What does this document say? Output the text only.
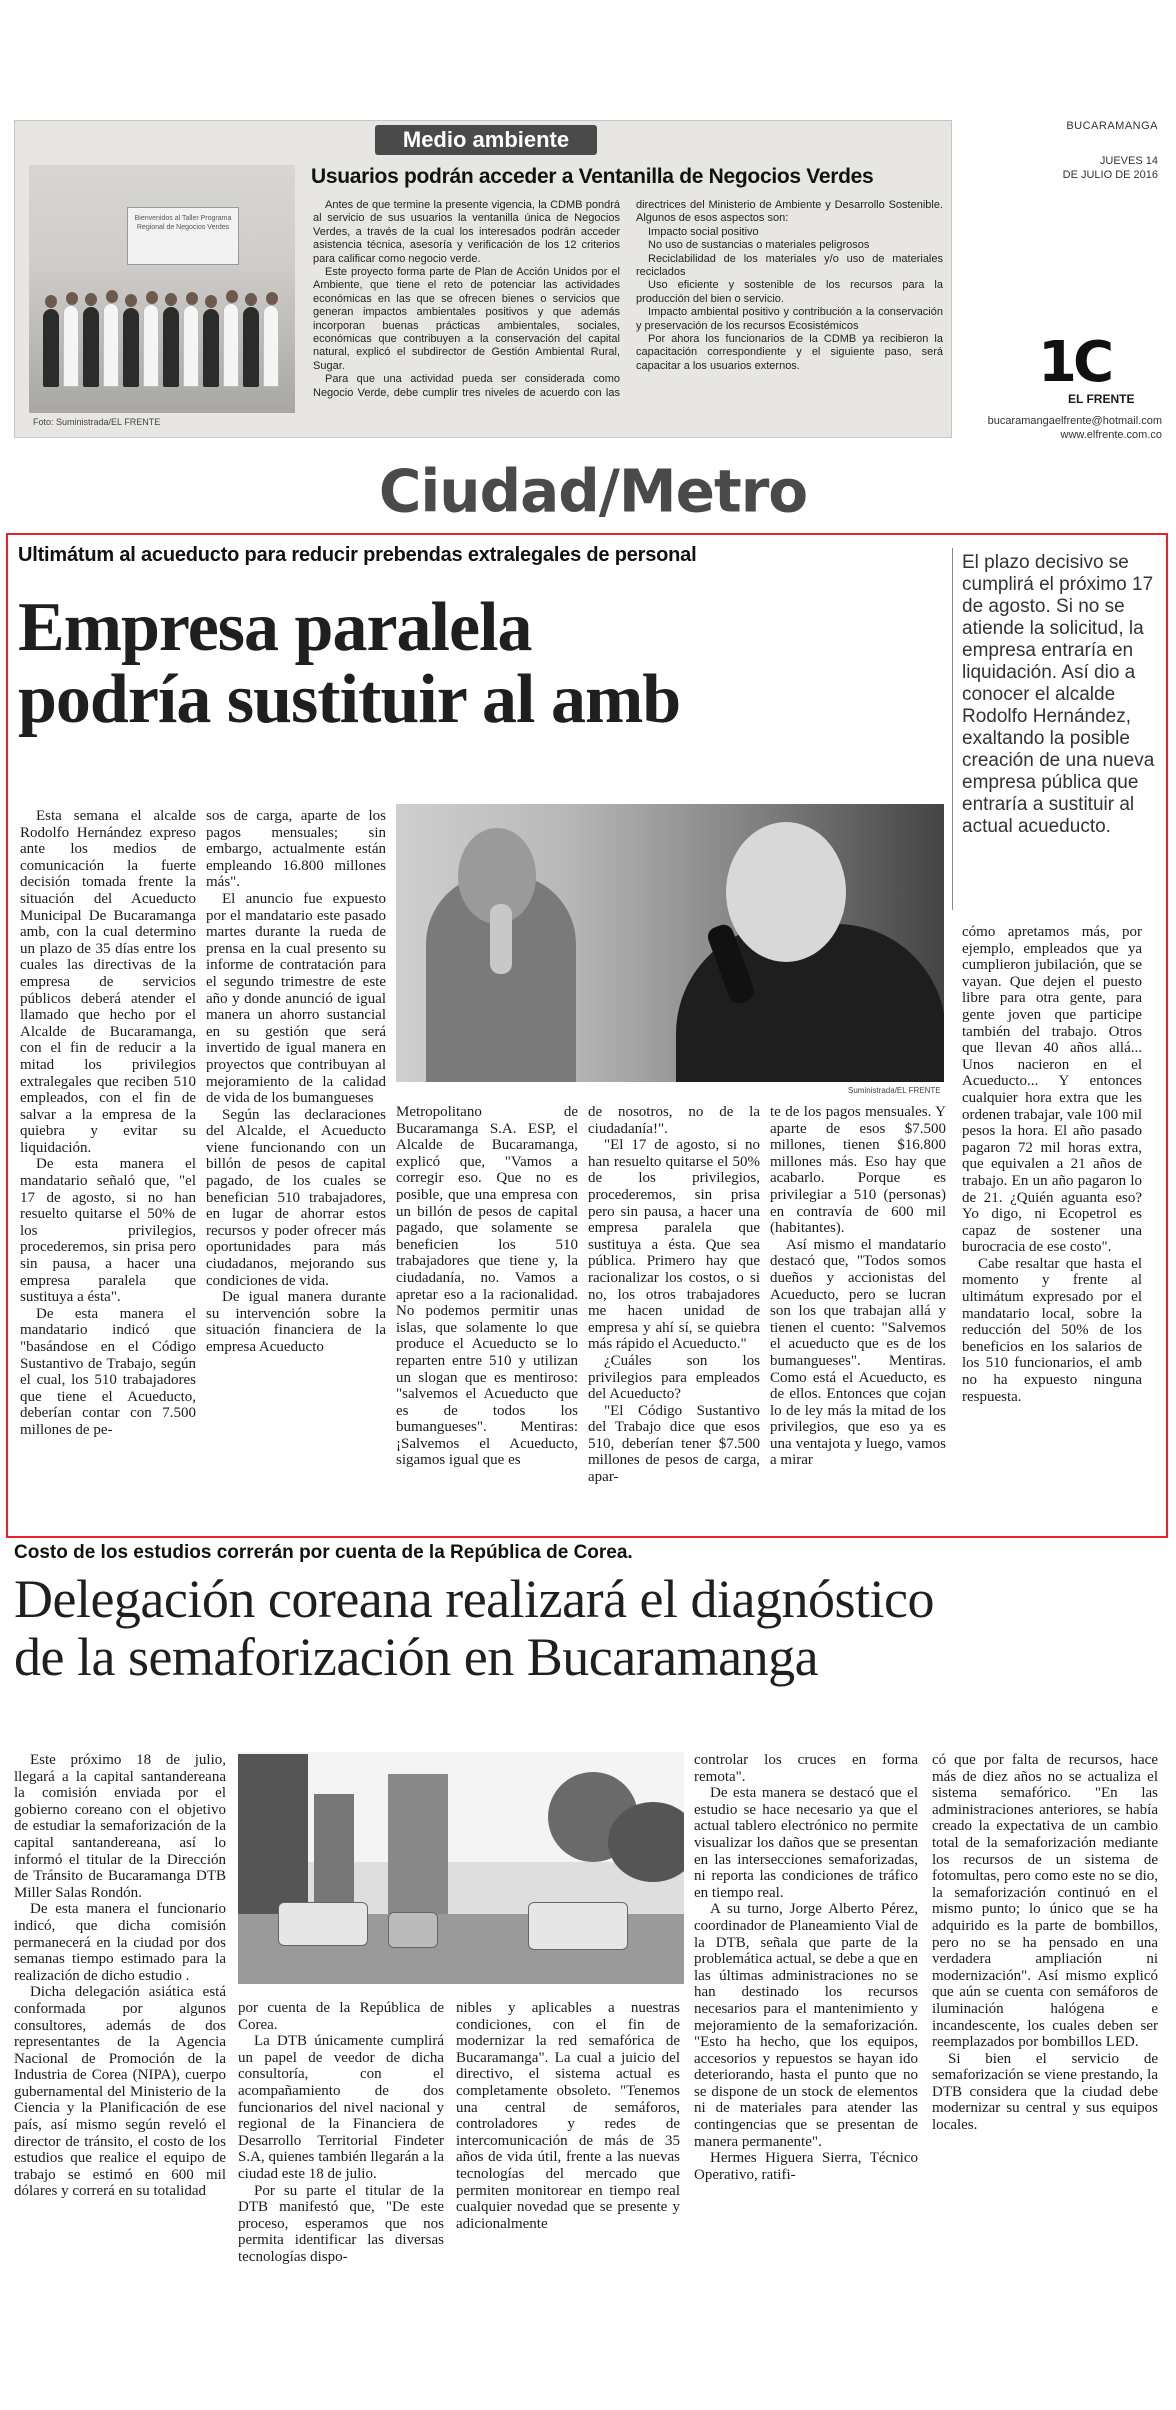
Bienvenidos al Taller Programa Regional de Negocios Verdes
Foto: Suministrada/EL FRENTE
Medio ambiente
Usuarios podrán acceder a Ventanilla de Negocios Verdes

Antes de que termine la presente vigencia, la CDMB pondrá al servicio de sus usuarios la ventanilla única de Negocios Verdes, a través de la cual los interesados podrán acceder asistencia técnica, asesoría y verificación de los 12 criterios para calificar como negocio verde.

Este proyecto forma parte de Plan de Acción Unidos por el Ambiente, que tiene el reto de potenciar las actividades económicas en las que se ofrecen bienes o servicios que generan impactos ambientales positivos y que además incorporan buenas prácticas ambientales, sociales, económicas que contribuyen a la conservación del capital natural, explicó el subdirector de Gestión Ambiental Rural, Sugar.

Para que una actividad pueda ser considerada como Negocio Verde, debe cumplir tres niveles de acuerdo con las directrices del Ministerio de Ambiente y Desarrollo Sostenible. Algunos de esos aspectos son:

Impacto social positivo

No uso de sustancias o materiales peligrosos

Reciclabilidad de los materiales y/o uso de materiales reciclados

Uso eficiente y sostenible de los recursos para la producción del bien o servicio.

Impacto ambiental positivo y contribución a la conservación y preservación de los recursos Ecosistémicos

Por ahora los funcionarios de la CDMB ya recibieron la capacitación correspondiente y el siguiente paso, será capacitar a los usuarios externos.

BUCARAMANGA
JUEVES 14
DE JULIO DE 2016
1C
EL FRENTE
bucaramangaelfrente@hotmail.com
www.elfrente.com.co
Ciudad/Metro
Ultimátum al acueducto para reducir prebendas extralegales de personal
Empresa paralela
podría sustituir al amb
El plazo decisivo se cumplirá el próximo 17 de agosto. Si no se atiende la solicitud, la empresa entraría en liquidación. Así dio a conocer el alcalde Rodolfo Hernández, exaltando la posible creación de una nueva empresa pública que entraría a sustituir al actual acueducto.

Esta semana el alcalde Rodolfo Hernández expreso ante los medios de comunicación la fuerte decisión tomada frente la situación del Acueducto Municipal De Bucaramanga amb, con la cual determino un plazo de 35 días entre los cuales las directivas de la empresa de servicios públicos deberá atender el llamado que hecho por el Alcalde de Bucaramanga, con el fin de reducir a la mitad los privilegios extralegales que reciben 510 empleados, con el fin de salvar a la empresa de la quiebra y evitar su liquidación.

De esta manera el mandatario señaló que, "el 17 de agosto, si no han resuelto quitarse el 50% de los privilegios, procederemos, sin prisa pero sin pausa, a hacer una empresa paralela que sustituya a ésta".

De esta manera el mandatario indicó que "basándose en el Código Sustantivo de Trabajo, según el cual, los 510 trabajadores que tiene el Acueducto, deberían contar con 7.500 millones de pe-

sos de carga, aparte de los pagos mensuales; sin embargo, actualmente están empleando 16.800 millones más".

El anuncio fue expuesto por el mandatario este pasado martes durante la rueda de prensa en la cual presento su informe de contratación para el segundo trimestre de este año y donde anunció de igual manera un ahorro sustancial en su gestión que será invertido de igual manera en proyectos que contribuyan al mejoramiento de la calidad de vida de los bumangueses

Según las declaraciones del Alcalde, el Acueducto viene funcionando con un billón de pesos de capital pagado, de los cuales se benefician 510 trabajadores, en lugar de ahorrar estos recursos y poder ofrecer más oportunidades para más ciudadanos, mejorando sus condiciones de vida.

De igual manera durante su intervención sobre la situación financiera de la empresa Acueducto

Suministrada/EL FRENTE

Metropolitano de Bucaramanga S.A. ESP, el Alcalde de Bucaramanga, explicó que, "Vamos a corregir eso. Que no es posible, que una empresa con un billón de pesos de capital pagado, que solamente se beneficien los 510 trabajadores que tiene y, la ciudadanía, no. Vamos a apretar eso a la racionalidad. No podemos permitir unas islas, que solamente lo que produce el Acueducto se lo reparten entre 510 y utilizan un slogan que es mentiroso: "salvemos el Acueducto que es de todos los bumangueses". Mentiras: ¡Salvemos el Acueducto, sigamos igual que es

de nosotros, no de la ciudadanía!".

"El 17 de agosto, si no han resuelto quitarse el 50% de los privilegios, procederemos, sin prisa pero sin pausa, a hacer una empresa paralela que sustituya a ésta. Que sea pública. Primero hay que racionalizar los costos, o si no, los otros trabajadores me hacen unidad de empresa y ahí sí, se quiebra más rápido el Acueducto."

¿Cuáles son los privilegios para empleados del Acueducto?

"El Código Sustantivo del Trabajo dice que esos 510, deberían tener $7.500 millones de pesos de carga, apar-

te de los pagos mensuales. Y aparte de esos $7.500 millones, tienen $16.800 millones más. Eso hay que acabarlo. Porque es privilegiar a 510 (personas) en contravía de 600 mil (habitantes).

Así mismo el mandatario destacó que, "Todos somos dueños y accionistas del Acueducto, pero se lucran son los que trabajan allá y tienen el cuento: "Salvemos el acueducto que es de los bumangueses". Mentiras. Como está el Acueducto, es de ellos. Entonces que cojan lo de ley más la mitad de los privilegios, que eso ya es una ventajota y luego, vamos a mirar

cómo apretamos más, por ejemplo, empleados que ya cumplieron jubilación, que se vayan. Que dejen el puesto libre para otra gente, para gente joven que participe también del trabajo. Otros que llevan 40 años allá... Unos nacieron en el Acueducto... Y entonces cualquier hora extra que les ordenen trabajar, vale 100 mil pesos la hora. El año pasado pagaron 72 mil horas extra, que equivalen a 21 años de trabajo. En un año pagaron lo de 21. ¿Quién aguanta eso? Yo digo, ni Ecopetrol es capaz de sostener una burocracia de ese costo".

Cabe resaltar que hasta el momento y frente al ultimátum expresado por el mandatario local, sobre la reducción del 50% de los beneficios en los salarios de los 510 funcionarios, el amb no ha expuesto ninguna respuesta.

Costo de los estudios correrán por cuenta de la República de Corea.
Delegación coreana realizará el diagnóstico
de la semaforización en Bucaramanga

Este próximo 18 de julio, llegará a la capital santandereana la comisión enviada por el gobierno coreano con el objetivo de estudiar la semaforización de la capital santandereana, así lo informó el titular de la Dirección de Tránsito de Bucaramanga DTB Miller Salas Rondón.

De esta manera el funcionario indicó, que dicha comisión permanecerá en la ciudad por dos semanas tiempo estimado para la realización de dicho estudio .

Dicha delegación asiática está conformada por algunos consultores, además de dos representantes de la Agencia Nacional de Promoción de la Industria de Corea (NIPA), cuerpo gubernamental del Ministerio de la Ciencia y la Planificación de ese país, así mismo según reveló el director de tránsito, el costo de los estudios que realice el equipo de trabajo se estimó en 600 mil dólares y correrá en su totalidad

por cuenta de la República de Corea.

La DTB únicamente cumplirá un papel de veedor de dicha consultoría, con el acompañamiento de dos funcionarios del nivel nacional y regional de la Financiera de Desarrollo Territorial Findeter S.A, quienes también llegarán a la ciudad este 18 de julio.

Por su parte el titular de la DTB manifestó que, "De este proceso, esperamos que nos permita identificar las diversas tecnologías dispo-

nibles y aplicables a nuestras condiciones, con el fin de modernizar la red semafórica de Bucaramanga". La cual a juicio del directivo, el sistema actual es completamente obsoleto. "Tenemos una central de semáforos, controladores y redes de intercomunicación de más de 35 años de vida útil, frente a las nuevas tecnologías del mercado que permiten monitorear en tiempo real cualquier novedad que se presente y adicionalmente

controlar los cruces en forma remota".

De esta manera se destacó que el estudio se hace necesario ya que el actual tablero electrónico no permite visualizar los daños que se presentan en las intersecciones semaforizadas, ni reporta las condiciones de tráfico en tiempo real.

A su turno, Jorge Alberto Pérez, coordinador de Planeamiento Vial de la DTB, señala que parte de la problemática actual, se debe a que en las últimas administraciones no se han destinado los recursos necesarios para el mantenimiento y mejoramiento de la semaforización. "Esto ha hecho, que los equipos, accesorios y repuestos se hayan ido deteriorando, hasta el punto que no se dispone de un stock de elementos ni de materiales para atender las contingencias que se presentan de manera permanente".

Hermes Higuera Sierra, Técnico Operativo, ratifi-

có que por falta de recursos, hace más de diez años no se actualiza el sistema semafórico. "En las administraciones anteriores, se había creado la expectativa de un cambio total de la semaforización mediante los recursos de un sistema de fotomultas, pero como este no se dio, la semaforización continuó en el mismo punto; lo único que se ha adquirido es la parte de bombillos, pero no se ha pensado en una verdadera ampliación ni modernización". Así mismo explicó que aún se cuenta con semáforos de iluminación halógena e incandescente, los cuales deben ser reemplazados por bombillos LED.

Si bien el servicio de semaforización se viene prestando, la DTB considera que la ciudad debe modernizar su central y sus equipos locales.
